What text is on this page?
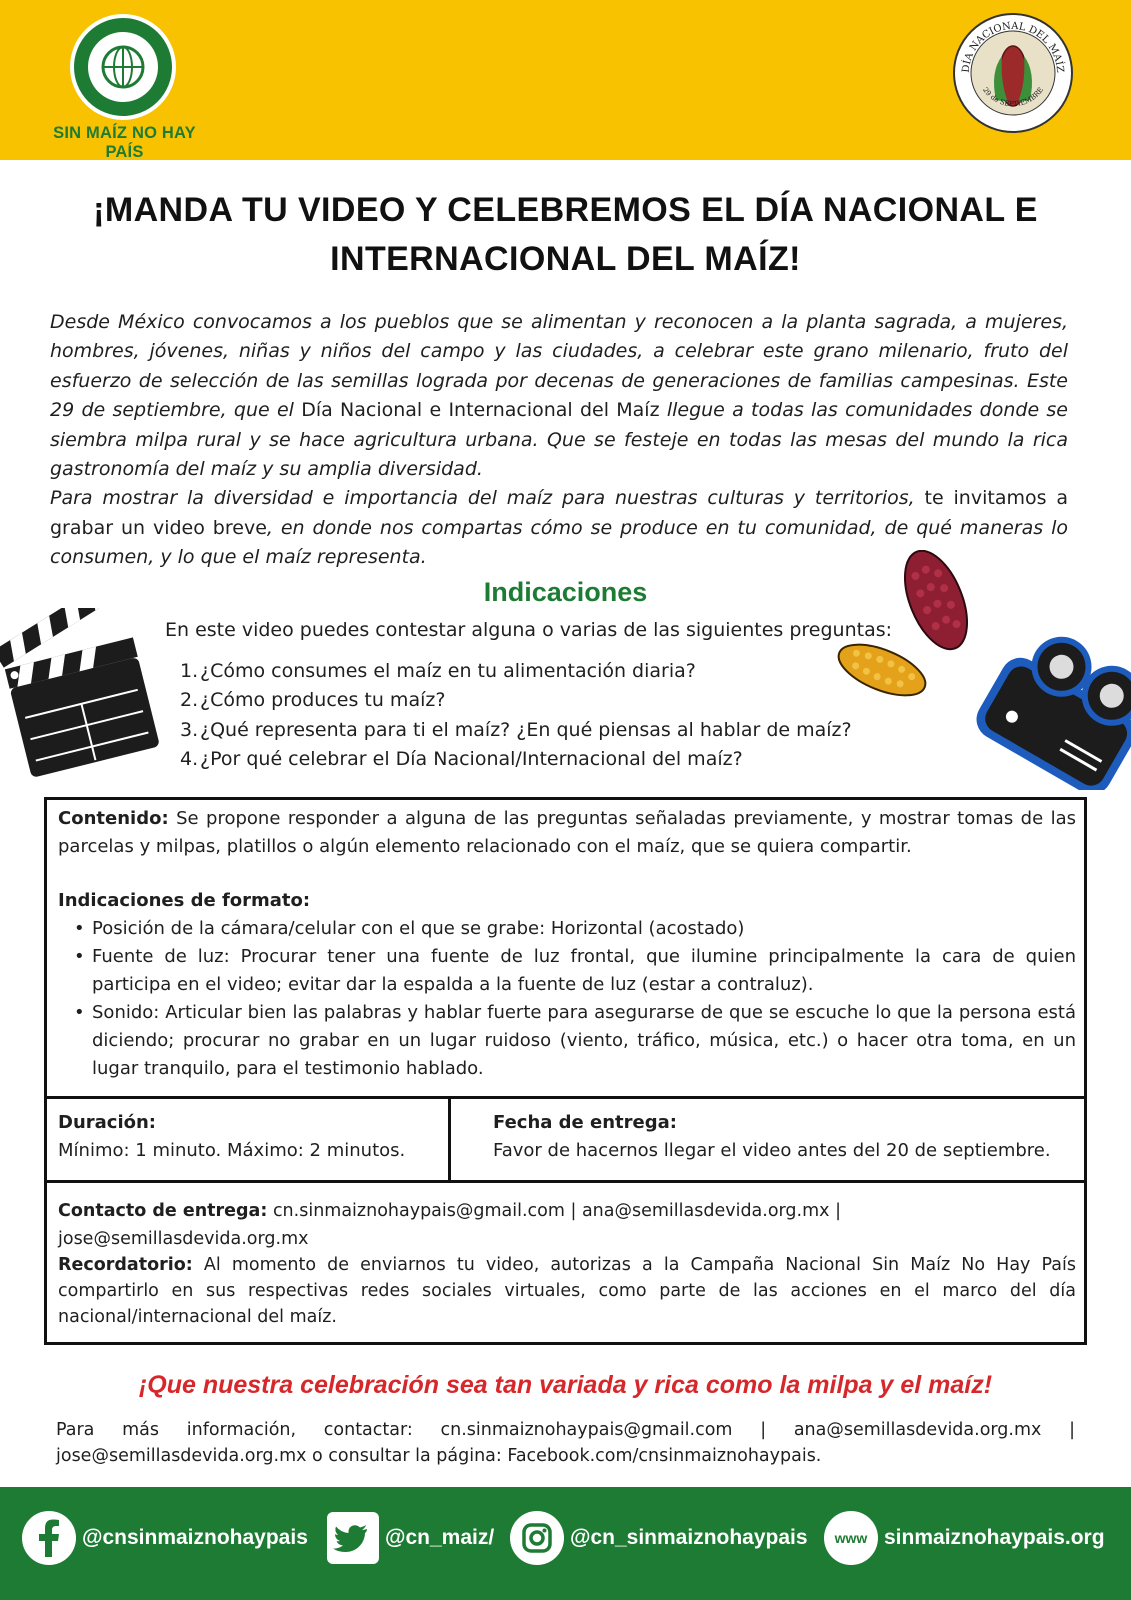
SIN MAÍZ NO HAY PAÍS
DÍA NACIONAL DEL MAÍZ
29 de SEPTIEMBRE
¡MANDA TU VIDEO Y CELEBREMOS EL DÍA NACIONAL E INTERNACIONAL DEL MAÍZ!

Desde México convocamos a los pueblos que se alimentan y reconocen a la planta sagrada, a mujeres, hombres, jóvenes, niñas y niños del campo y las ciudades, a celebrar este grano milenario, fruto del esfuerzo de selección de las semillas lograda por decenas de generaciones de familias campesinas. Este 29 de septiembre, que el Día Nacional e Internacional del Maíz llegue a todas las comunidades donde se siembra milpa rural y se hace agricultura urbana. Que se festeje en todas las mesas del mundo la rica gastronomía del maíz y su amplia diversidad.

Para mostrar la diversidad e importancia del maíz para nuestras culturas y territorios, te invitamos a grabar un video breve, en donde nos compartas cómo se produce en tu comunidad, de qué maneras lo consumen, y lo que el maíz representa.

Indicaciones

En este video puedes contestar alguna o varias de las siguientes preguntas:

1. ¿Cómo consumes el maíz en tu alimentación diaria?
2. ¿Cómo produces tu maíz?
3. ¿Qué representa para ti el maíz? ¿En qué piensas al hablar de maíz?
4. ¿Por qué celebrar el Día Nacional/Internacional del maíz?
Contenido: Se propone responder a alguna de las preguntas señaladas previamente, y mostrar tomas de las parcelas y milpas, platillos o algún elemento relacionado con el maíz, que se quiera compartir.
Indicaciones de formato:
• Posición de la cámara/celular con el que se grabe: Horizontal (acostado)
• Fuente de luz: Procurar tener una fuente de luz frontal, que ilumine principalmente la cara de quien participa en el video; evitar dar la espalda a la fuente de luz (estar a contraluz).
• Sonido: Articular bien las palabras y hablar fuerte para asegurarse de que se escuche lo que la persona está diciendo; procurar no grabar en un lugar ruidoso (viento, tráfico, música, etc.) o hacer otra toma, en un lugar tranquilo, para el testimonio hablado.
Duración:
Mínimo: 1 minuto. Máximo: 2 minutos.
Fecha de entrega:
Favor de hacernos llegar el video antes del 20 de septiembre.
Contacto de entrega: cn.sinmaiznohaypais@gmail.com | ana@semillasdevida.org.mx | jose@semillasdevida.org.mx
Recordatorio: Al momento de enviarnos tu video, autorizas a la Campaña Nacional Sin Maíz No Hay País compartirlo en sus respectivas redes sociales virtuales, como parte de las acciones en el marco del día nacional/internacional del maíz.

¡Que nuestra celebración sea tan variada y rica como la milpa y el maíz!

Para más información, contactar: cn.sinmaiznohaypais@gmail.com | ana@semillasdevida.org.mx |
jose@semillasdevida.org.mx o consultar la página: Facebook.com/cnsinmaiznohaypais.
@cnsinmaiznohaypais	@cn_maiz/	@cn_sinmaiznohaypais www sinmaiznohaypais.org
